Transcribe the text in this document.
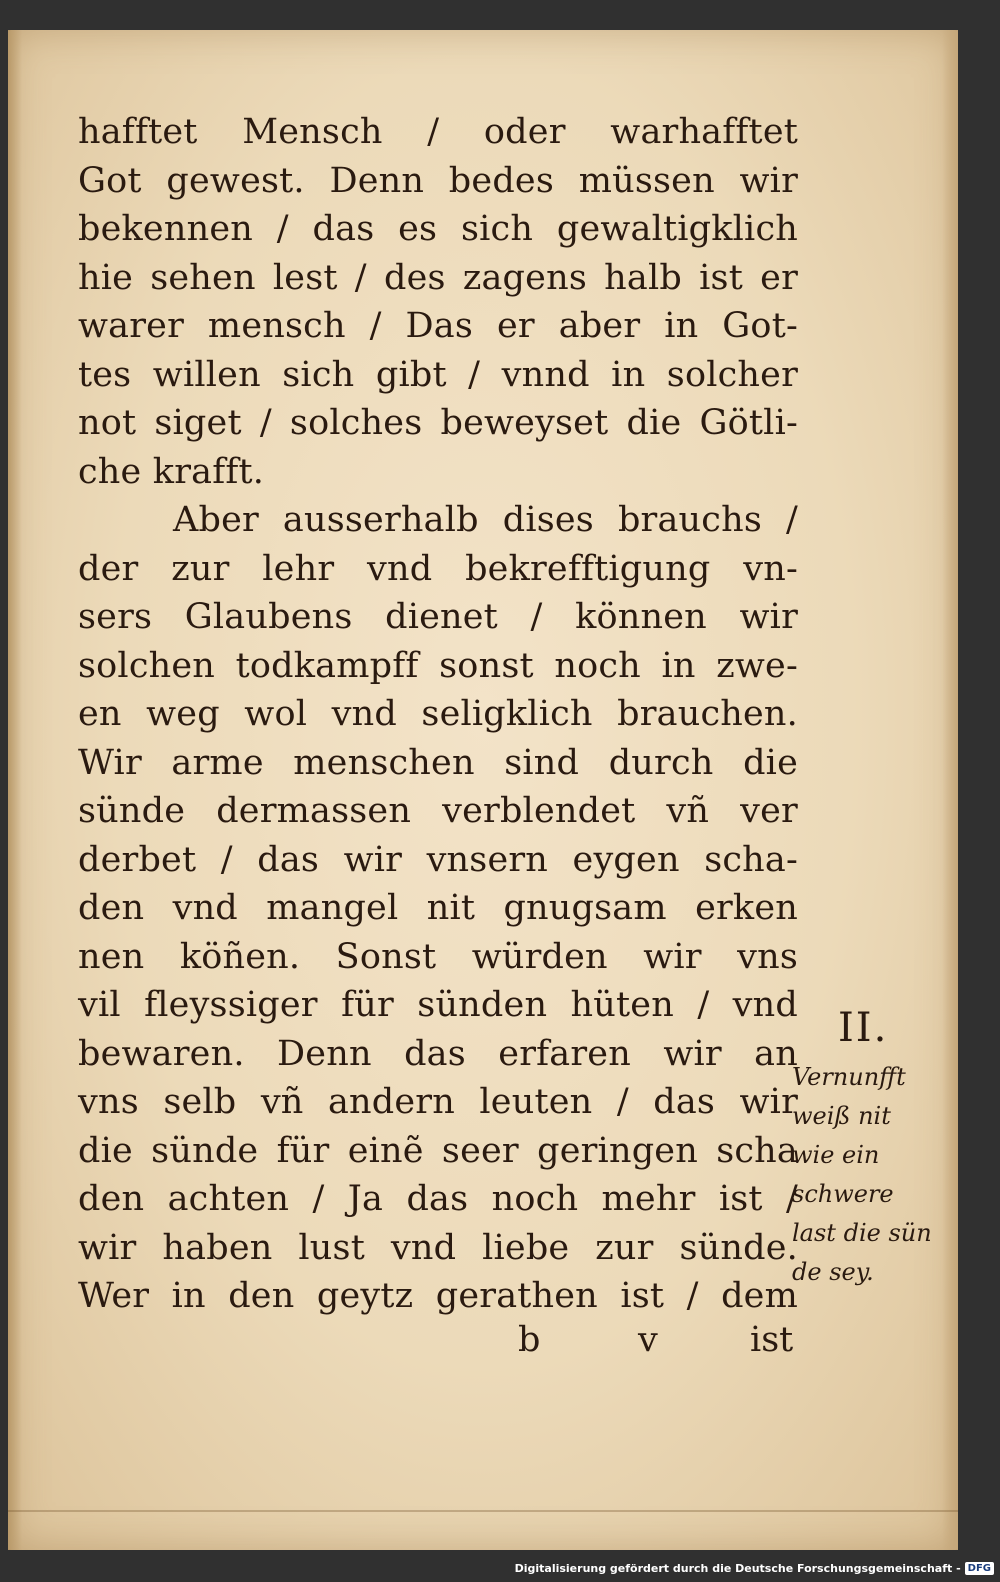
hafftet Mensch / oder warhafftet
Got gewest. Denn bedes müssen wir
bekennen / das es sich gewaltigklich
hie sehen lest / des zagens halb ist er
warer mensch / Das er aber in Got-
tes willen sich gibt / vnnd in solcher
not siget / solches beweyset die Götli-
che krafft.
Aber ausserhalb dises brauchs /
der zur lehr vnd bekrefftigung vn-
sers Glaubens dienet / können wir
solchen todkampff sonst noch in zwe-
en weg wol vnd seligklich brauchen.
Wir arme menschen sind durch die
sünde dermassen verblendet vñ ver
derbet / das wir vnsern eygen scha-
den vnd mangel nit gnugsam erken
nen köñen. Sonst würden wir vns
vil fleyssiger für sünden hüten / vnd
bewaren. Denn das erfaren wir an
vns selb vñ andern leuten / das wir
die sünde für einẽ seer geringen scha
den achten / Ja das noch mehr ist /
wir haben lust vnd liebe zur sünde.
Wer in den geytz gerathen ist / dem
b	v	ist
II.
Vernunfft
weiß nit
wie ein
schwere
last die sün
de sey.
Digitalisierung gefördert durch die Deutsche Forschungsgemeinschaft - DFG
